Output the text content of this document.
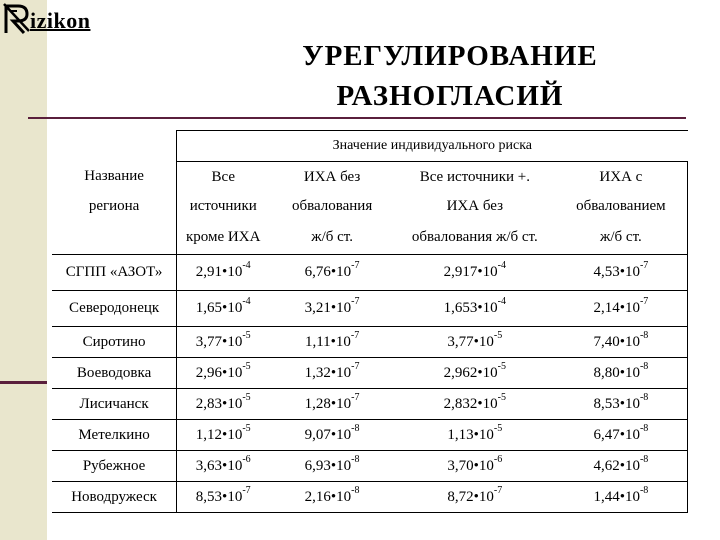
izikon
УРЕГУЛИРОВАНИЕ
РАЗНОГЛАСИЙ
	Значение индивидуального риска			
Название	Все	ИХА без	Все источники +.	ИХА с
региона	источники	обвалования	ИХА без	обвалованием
	кроме ИХА	ж/б ст.	обвалования ж/б ст.	ж/б ст.
СГПП «АЗОТ»	$2,91•10^{-4}$	$6,76•10^{-7}$	$2,917•10^{-4}$	$4,53•10^{-7}$
Северодонецк	$1,65•10^{-4}$	$3,21•10^{-7}$	$1,653•10^{-4}$	$2,14•10^{-7}$
Сиротино	$3,77•10^{-5}$	$1,11•10^{-7}$	$3,77•10^{-5}$	$7,40•10^{-8}$
Воеводовка	$2,96•10^{-5}$	$1,32•10^{-7}$	$2,962•10^{-5}$	$8,80•10^{-8}$
Лисичанск	$2,83•10^{-5}$	$1,28•10^{-7}$	$2,832•10^{-5}$	$8,53•10^{-8}$
Метелкино	$1,12•10^{-5}$	$9,07•10^{-8}$	$1,13•10^{-5}$	$6,47•10^{-8}$
Рубежное	$3,63•10^{-6}$	$6,93•10^{-8}$	$3,70•10^{-6}$	$4,62•10^{-8}$
Новодружеск	$8,53•10^{-7}$	$2,16•10^{-8}$	$8,72•10^{-7}$	$1,44•10^{-8}$
